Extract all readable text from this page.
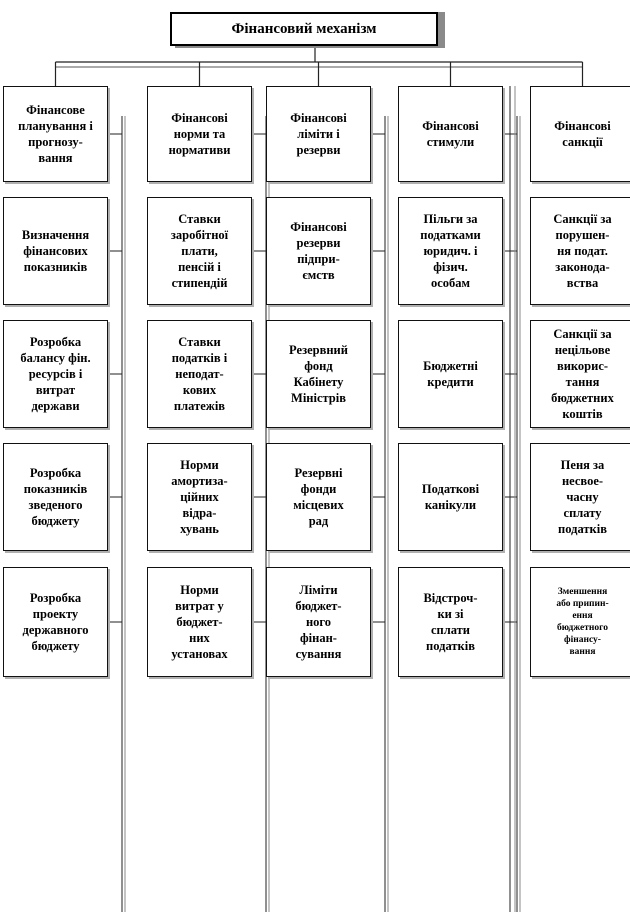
Фінансовий механізм
Фінансове
планування і
прогнозу-
вання
Визначення
фінансових
показників
Розробка
балансу фін.
ресурсів і
витрат
держави
Розробка
показників
зведеного
бюджету
Розробка
проекту
державного
бюджету
Фінансові
норми та
нормативи
Ставки
заробітної
плати,
пенсій і
стипендій
Ставки
податків і
неподат-
кових
платежів
Норми
амортиза-
ційних
відра-
хувань
Норми
витрат у
бюджет-
них
установах
Фінансові
ліміти і
резерви
Фінансові
резерви
підпри-
ємств
Резервний
фонд
Кабінету
Міністрів
Резервні
фонди
місцевих
рад
Ліміти
бюджет-
ного
фінан-
сування
Фінансові
стимули
Пільги за
податками
юридич. і
фізич.
особам
Бюджетні
кредити
Податкові
канікули
Відстроч-
ки зі
сплати
податків
Фінансові
санкції
Санкції за
порушен-
ня подат.
законода-
вства
Санкції за
нецільове
викорис-
тання
бюджетних
коштів
Пеня за
несвое-
часну
сплату
податків
Зменшення
або припин-
ення
бюджетного
фінансу-
вання
